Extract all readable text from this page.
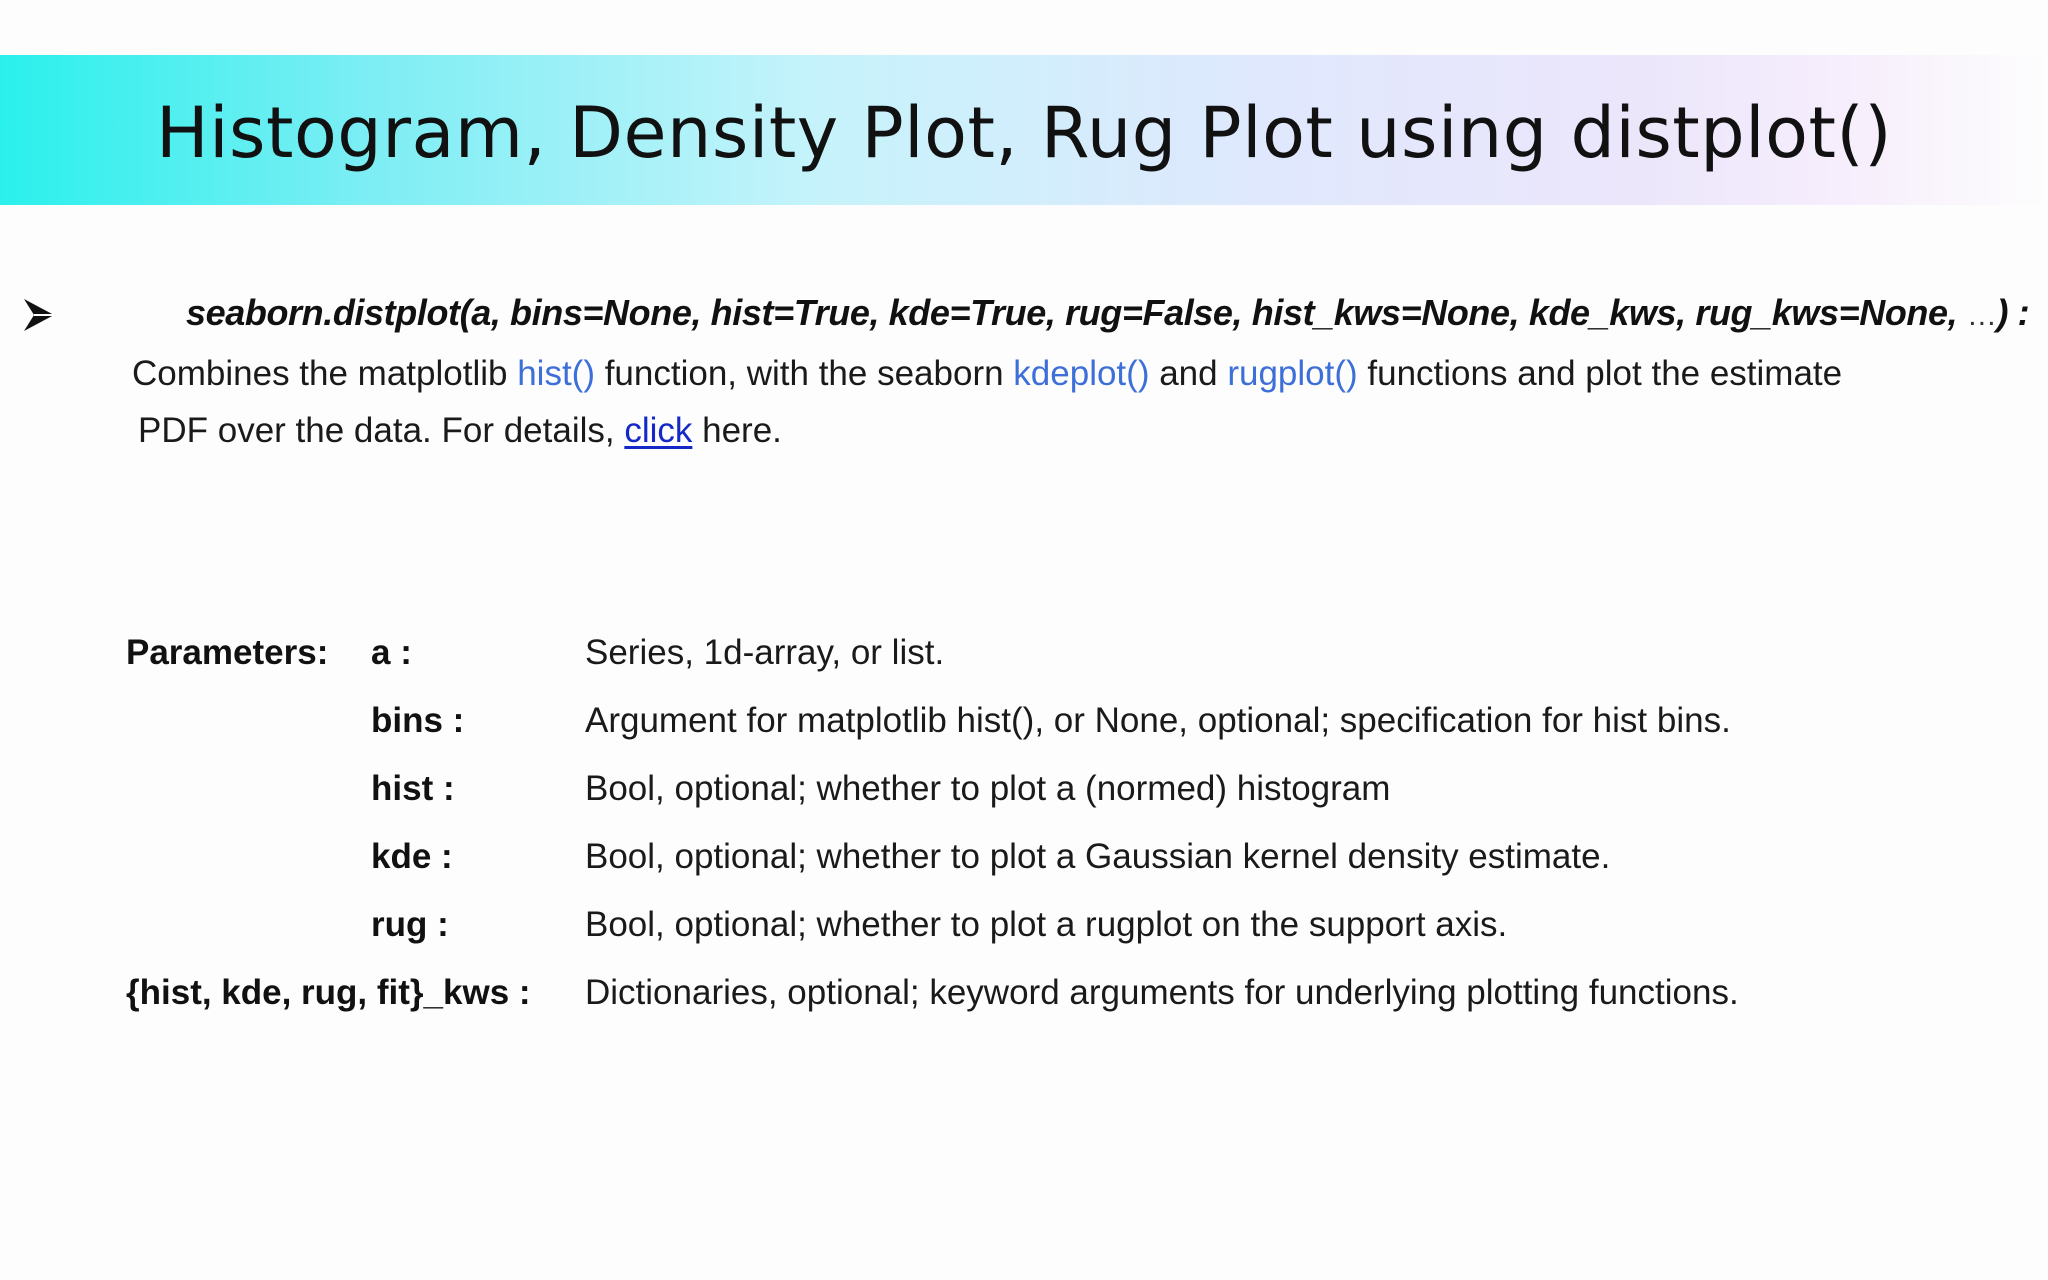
Histogram, Density Plot, Rug Plot using distplot()
seaborn.distplot(a, bins=None, hist=True, kde=True, rug=False, hist_kws=None, kde_kws, rug_kws=None, …) :
Combines the matplotlib hist() function, with the seaborn kdeplot() and rugplot() functions and plot the estimate
PDF over the data. For details, click here.
Parameters: a :	Series, 1d-array, or list.
bins :	Argument for matplotlib hist(), or None, optional; specification for hist bins.
hist :	Bool, optional; whether to plot a (normed) histogram
kde :	Bool, optional; whether to plot a Gaussian kernel density estimate.
rug :	Bool, optional; whether to plot a rugplot on the support axis.
{hist, kde, rug, fit}_kws : Dictionaries, optional; keyword arguments for underlying plotting functions.
